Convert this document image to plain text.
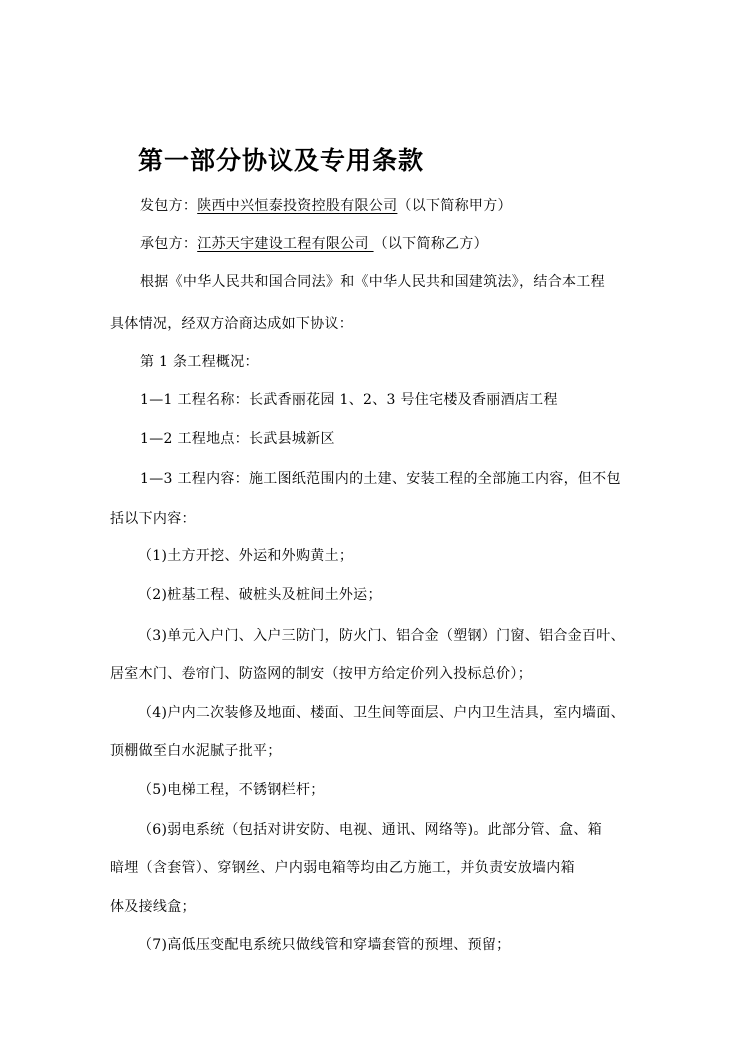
第一部分协议及专用条款
发包方：陕西中兴恒泰投资控股有限公司（以下简称甲方）
承包方：江苏天宇建设工程有限公司 （以下简称乙方）
根据《中华人民共和国合同法》和《中华人民共和国建筑法》，结合本工程
具体情况，经双方洽商达成如下协议：
第 1 条工程概况：
1—1 工程名称：长武香丽花园 1、2、3 号住宅楼及香丽酒店工程
1—2 工程地点：长武县城新区
1—3 工程内容：施工图纸范围内的土建、安装工程的全部施工内容，但不包
括以下内容：
（1)土方开挖、外运和外购黄土；
（2)桩基工程、破桩头及桩间土外运；
（3)单元入户门、入户三防门，防火门、铝合金（塑钢）门窗、铝合金百叶、
居室木门、卷帘门、防盗网的制安（按甲方给定价列入投标总价）；
（4)户内二次装修及地面、楼面、卫生间等面层、户内卫生洁具，室内墙面、
顶棚做至白水泥腻子批平；
（5)电梯工程，不锈钢栏杆；
（6)弱电系统（包括对讲安防、电视、通讯、网络等)。此部分管、盒、箱
暗埋（含套管）、穿钢丝、户内弱电箱等均由乙方施工，并负责安放墙内箱
体及接线盒；
（7)高低压变配电系统只做线管和穿墙套管的预埋、预留；
